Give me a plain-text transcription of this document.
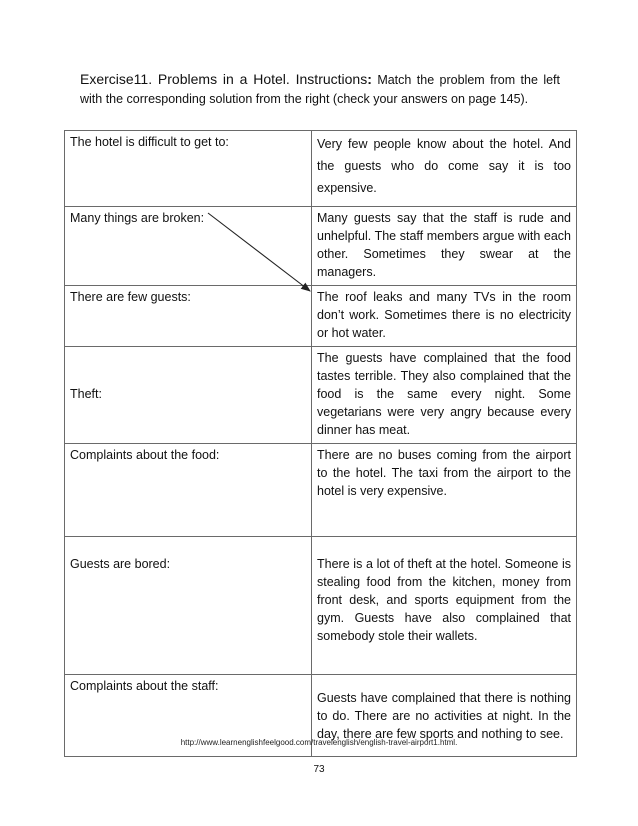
Exercise11. Problems in a Hotel. Instructions: Match the problem from the left with the corresponding solution from the right (check your answers on page 145).
The hotel is difficult to get to:	Very few people know about the hotel. And the guests who do come say it is too expensive.
Many things are broken:	Many guests say that the staff is rude and unhelpful. The staff members argue with each other. Sometimes they swear at the managers.
There are few guests:	The roof leaks and many TVs in the room don’t work. Sometimes there is no electricity or hot water.
Theft:	The guests have complained that the food tastes terrible. They also complained that the food is the same every night. Some vegetarians were very angry because every dinner has meat.
Complaints about the food:	There are no buses coming from the airport to the hotel. The taxi from the airport to the hotel is very expensive.
Guests are bored:	There is a lot of theft at the hotel. Someone is stealing food from the kitchen, money from front desk, and sports equipment from the gym. Guests have also complained that somebody stole their wallets.
Complaints about the staff:	Guests have complained that there is nothing to do. There are no activities at night. In the day, there are few sports and nothing to see.
http://www.learnenglishfeelgood.com/travelenglish/english-travel-airport1.html.
73
